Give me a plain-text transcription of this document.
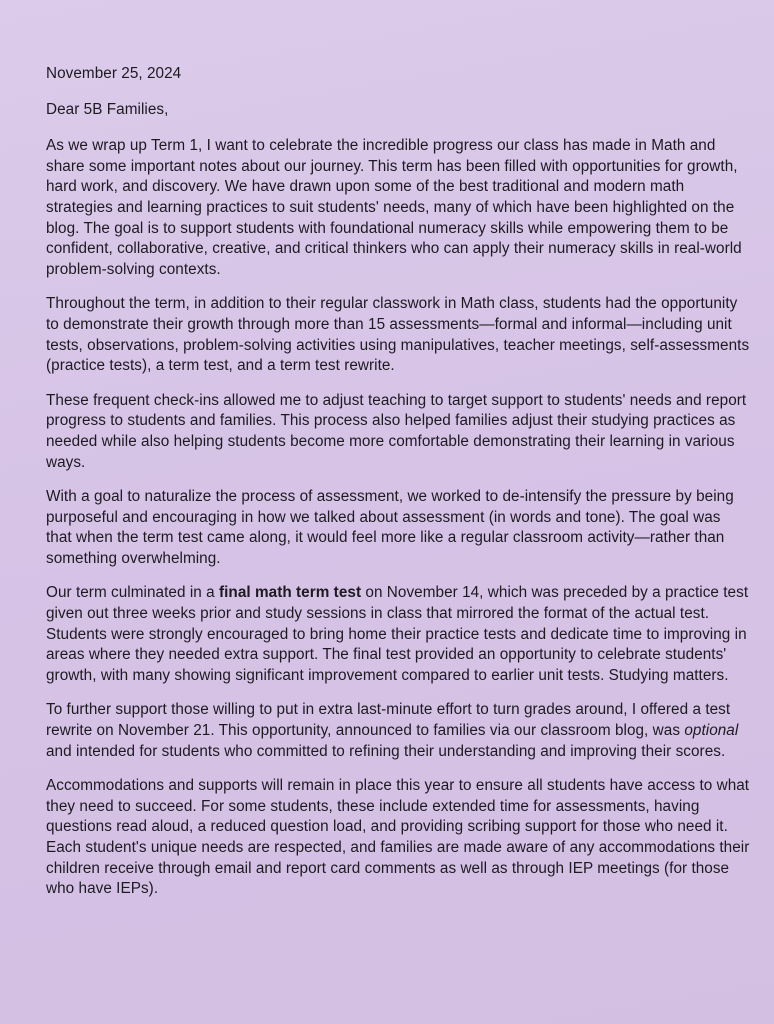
November 25, 2024

Dear 5B Families,

As we wrap up Term 1, I want to celebrate the incredible progress our class has made in Math and share some important notes about our journey. This term has been filled with opportunities for growth, hard work, and discovery. We have drawn upon some of the best traditional and modern math strategies and learning practices to suit students' needs, many of which have been highlighted on the blog. The goal is to support students with foundational numeracy skills while empowering them to be confident, collaborative, creative, and critical thinkers who can apply their numeracy skills in real-world problem-solving contexts.

Throughout the term, in addition to their regular classwork in Math class, students had the opportunity to demonstrate their growth through more than 15 assessments—formal and informal—including unit tests, observations, problem-solving activities using manipulatives, teacher meetings, self-assessments (practice tests), a term test, and a term test rewrite.

These frequent check-ins allowed me to adjust teaching to target support to students' needs and report progress to students and families. This process also helped families adjust their studying practices as needed while also helping students become more comfortable demonstrating their learning in various ways.

With a goal to naturalize the process of assessment, we worked to de-intensify the pressure by being purposeful and encouraging in how we talked about assessment (in words and tone). The goal was that when the term test came along, it would feel more like a regular classroom activity—rather than something overwhelming.

Our term culminated in a final math term test on November 14, which was preceded by a practice test given out three weeks prior and study sessions in class that mirrored the format of the actual test. Students were strongly encouraged to bring home their practice tests and dedicate time to improving in areas where they needed extra support. The final test provided an opportunity to celebrate students' growth, with many showing significant improvement compared to earlier unit tests. Studying matters.

To further support those willing to put in extra last-minute effort to turn grades around, I offered a test rewrite on November 21. This opportunity, announced to families via our classroom blog, was optional and intended for students who committed to refining their understanding and improving their scores.

Accommodations and supports will remain in place this year to ensure all students have access to what they need to succeed. For some students, these include extended time for assessments, having questions read aloud, a reduced question load, and providing scribing support for those who need it. Each student's unique needs are respected, and families are made aware of any accommodations their children receive through email and report card comments as well as through IEP meetings (for those who have IEPs).
